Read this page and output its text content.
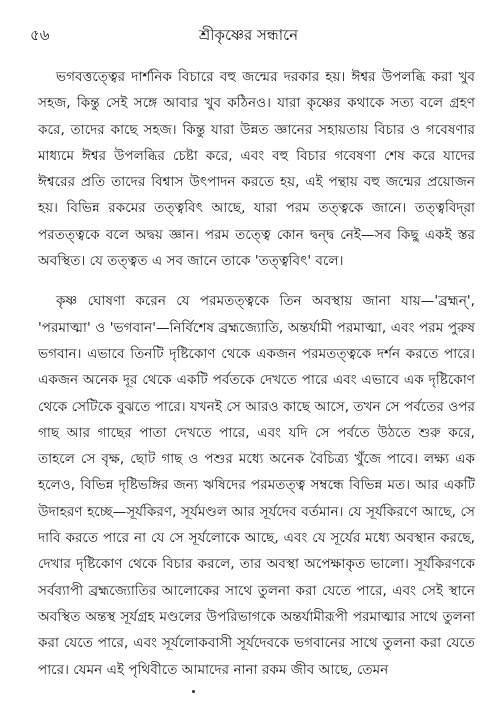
৫৬	শ্রীকৃষ্ণের সন্ধানে

ভগবত্তত্ত্বের দার্শনিক বিচারে বহু জন্মের দরকার হয়। ঈশ্বর উপলব্ধি করা খুব সহজ, কিন্তু সেই সঙ্গে আবার খুব কঠিনও। যারা কৃষ্ণের কথাকে সত্য বলে গ্রহণ করে, তাদের কাছে সহজ। কিন্তু যারা উন্নত জ্ঞানের সহায়তায় বিচার ও গবেষণার মাধ্যমে ঈশ্বর উপলব্ধির চেষ্টা করে, এবং বহু বিচার গবেষণা শেষ করে যাদের ঈশ্বরের প্রতি তাদের বিশ্বাস উৎপাদন করতে হয়, এই পন্থায় বহু জন্মের প্রয়োজন হয়। বিভিন্ন রকমের তত্ত্ববিৎ আছে, যারা পরম তত্ত্বকে জানে। তত্ত্ববিদ্‌রা পরতত্ত্বকে বলে অদ্বয় জ্ঞান। পরম তত্ত্বে কোন দ্বন্দ্ব নেই—সব কিছু একই স্তর অবস্থিত। যে তত্ত্বত এ সব জানে তাকে 'তত্ত্ববিৎ' বলে।

কৃষ্ণ ঘোষণা করেন যে পরমতত্ত্বকে তিন অবস্থায় জানা যায়—'ব্রহ্মন্', 'পরমাত্মা' ও 'ভগবান'—নির্বিশেষ ব্রহ্মজ্যোতি, অন্তর্যামী পরমাত্মা, এবং পরম পুরুষ ভগবান। এভাবে তিনটি দৃষ্টিকোণ থেকে একজন পরমতত্ত্বকে দর্শন করতে পারে। একজন অনেক দূর থেকে একটি পর্বতকে দেখতে পারে এবং এভাবে এক দৃষ্টিকোণ থেকে সেটিকে বুঝতে পারে। যখনই সে আরও কাছে আসে, তখন সে পর্বতের ওপর গাছ আর গাছের পাতা দেখতে পারে, এবং যদি সে পর্বতে উঠতে শুরু করে, তাহলে সে বৃক্ষ, ছোট গাছ ও পশুর মধ্যে অনেক বৈচিত্র্য খুঁজে পাবে। লক্ষ্য এক হলেও, বিভিন্ন দৃষ্টিভঙ্গির জন্য ঋষিদের পরমতত্ত্ব সম্বন্ধে বিভিন্ন মত। আর একটি উদাহরণ হচ্ছে—সূর্যকিরণ, সূর্যমণ্ডল আর সূর্যদেব বর্তমান। যে সূর্যকিরণে আছে, সে দাবি করতে পারে না যে সে সূর্যলোকে আছে, এবং যে সূর্যের মধ্যে অবস্থান করছে, দেখার দৃষ্টিকোণ থেকে বিচার করলে, তার অবস্থা অপেক্ষাকৃত ভালো। সূর্যকিরণকে সর্বব্যাপী ব্রহ্মজ্যোতির আলোকের সাথে তুলনা করা যেতে পারে, এবং সেই স্থানে অবস্থিত অন্তস্থ সূর্যগ্রহ মণ্ডলের উপরিভাগকে অন্তর্যামীরূপী পরমাত্মার সাথে তুলনা করা যেতে পারে, এবং সূর্যলোকবাসী সূর্যদেবকে ভগবানের সাথে তুলনা করা যেতে পারে। যেমন এই পৃথিবীতে আমাদের নানা রকম জীব আছে, তেমন
